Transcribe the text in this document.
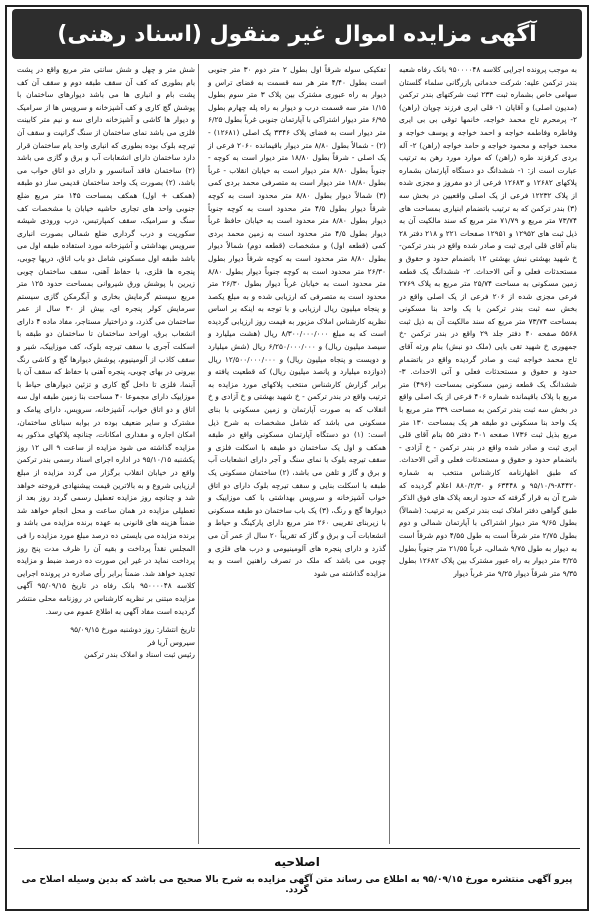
آگهی مزایده اموال غیر منقول (اسناد رهنی)

به موجب پرونده اجرایی کلاسه ۹۵۰۰۰۰۴۸ بانک رفاه شعبه بندر ترکمن علیه: شرکت خدماتی بازرگانی سلماء گلستان سهامی خاص بشماره ثبت ۲۳۳ ثبت شرکتهای بندر ترکمن (مدیون اصلی) و آقایان ۱- قلی ایری فرزند چوپان (راهن) ۲- پرمحرم تاج محمد خواجه، خانمها توقی بی بی ایری وفاطره وفاطمه خواجه و احمد خواجه و یوسف خواجه و محمد خواجه و محمود خواجه و حامد خواجه (راهن) ۲- آله بردی کرقزند طره (راهن) که موارد مورد رهن به ترتیب عبارت است از: ۱- ششدانگ دو دستگاه آپارتمان بشماره پلاکهای ۱۲۶۸۲ و ۱۲۶۸۳ فرعی از دو مفروز و مجزی شده از پلاک ۱۲۲۳۲ فرعی از یک اصلی واقعیین در بخش سه (۳) بندر ترکمن که به ترتیب باتضمام ابنیاری بمساحت های ۷۳/۷۴ متر مربع و ۷۱/۷۹ متر مربع که سند مالکیت آن به ذیل ثبت های ۱۲۹۵۲ و ۱۲۹۵۱ صفحات ۲۲۱ و ۲۱۸ دفتر ۲۸ بنام آقای قلی ایری ثبت و صادر شده واقع در بندر ترکمن-خ شهید بهشتی نبش بهشتی ۱۲ باتضمام حدود و حقوق و مستحدثات فعلی و آتی الاحداث. ۲- ششدانگ یک قطعه زمین مسکونی به مساحت ۲۵/۷۴ متر مربع به پلاک ۲۷۶۹ فرعی مجزی شده از ۲۰۶ فرعی از یک اصلی واقع در بخش سه ثبت بندر ترکمن با یک واحد بنا مسکونی بمساحت ۷۳/۷۴ متر مربع که سند مالکیت آن به ذیل ثبت ۵۵۶۸ صفحه ۴۰ دفتر جلد ۲۹ واقع در بندر ترکمن -خ جمهوری خ شهید تقی بایی (ملک دو نبش) بنام ورثه آقای تاج محمد خواجه ثبت و صادر گردیده واقع در باتضمام حدود و حقوق و مستحدثات فعلی و آتی الاحداث. ۳- ششدانگ یک قطعه زمین مسکونی بمساحت (۴۹۶) متر مربع با پلاک باقیمانده شماره ۴۰۶ فرعی از یک اصلی واقع در بخش سه ثبت بندر ترکمن به مساحت ۳۳۹ متر مربع با یک واحد بنا مسکونی دو طبقه هر یک بمساحت ۱۳۰ متر مربع بذیل ثبت ۱۷۳۶ صفحه ۳۰۱ دفتر ۵۵ بنام آقای قلی ایری ثبت و صادر شده واقع در بندر ترکمن - خ آزادی - باتضمام حدود و حقوق و مستحدثات فعلی و آتی الاحداث. که طبق اظهارنامه کارشناس منتخب به شماره ۸۴۴۲۰-۹۵/۱۰/۹ و ۶۳۴۴۸ و ۸۸۰/۲/۳۰ اعلام گردیده که شرح آن به قرار گرفته که حدود اربعه پلاک های فوق الذکر طبق گواهی دفتر املاک ثبت بندر ترکمن به ترتیب: (شمالاً) بطول ۹/۶۵ متر دیوار اشتراکی با آپارتمان شمالی و دوم بطول ۲/۷۵ متر شرقاً است به طول ۴/۵۵ دوم شرقاً است به دیوار به طول ۹/۷۵ شمالی، غرباً ۲۱/۵۵ متر جنوباً بطول ۳/۲۵ متر دیوار به راه عبور مشترک بین پلاک ۱۲۶۸۲ بطول ۹/۳۵ متر شرقاً دیوار ۹/۲۵ متر غرباً دیوار

تفکیکی سوله شرقاً اول بطول ۲ متر دوم ۳۰ متر جنوبی است بطول ۴/۴۰ متر هر سه قسمت به فضای تراس و دیوار به راه عبوری مشترک بین پلاک ۳ متر سوم بطول ۱/۱۵ متر سه قسمت درب و دیوار به راه پله چهارم بطول ۶/۹۵ متر دیوار اشتراکی با آپارتمان جنوبی غرباً بطول ۶/۲۵ متر دیوار است به فضای پلاک ۳۳۴۶ یک اصلی (۱۲۶۸۱) - (۲) - شمالاً بطول ۸/۸۰ متر دیوار باقیمانده ۲۰۶۰ فرعی از یک اصلی - شرقاً بطول ۱۸/۸۰ متر دیوار است به کوچه - جنوباً بطول ۸/۸۰ متر دیوار است به خیابان انقلاب - غرباً بطول ۱۸/۸۰ متر دیوار است به متصرفی محمد بردی کمی (۳) شمالاً دیوار بطول ۸/۸۰ متر محدود است به کوچه شرقاً دیوار بطول ۴/۵ متر محدود است به کوچه جنوباً دیوار بطول ۸/۸۰ متر محدود است به خیابان حافظ غرباً دیوار بطول ۴/۵ متر محدود است به زمین محمد بردی کمی (قطعه اول) و مشخصات (قطعه دوم) شمالاً دیوار بطول ۸/۸۰ متر محدود است به کوچه شرقاً دیوار بطول ۲۶/۳۰ متر محدود است به کوچه جنوباً دیوار بطول ۸/۸۰ متر محدود است به خیابان غرباً دیوار بطول ۲۶/۳۰ متر محدود است به متصرفی که ارزیابی شده و به مبلغ یکصد و پنجاه میلیون ریال ارزیابی و با توجه به اینکه بر اساس نظریه کارشناس املاک مزبور به قیمت روز ارزیابی گردیده است که به مبلغ ۸/۳۰۰/۰۰۰/۰۰۰ ریال (هشت میلیارد و سیصد میلیون ریال) و ۶/۲۵۰/۰۰۰/۰۰۰ ریال (شش میلیارد و دویست و پنجاه میلیون ریال) و ۱۲/۵۰۰/۰۰۰/۰۰۰ ریال (دوازده میلیارد و پانصد میلیون ریال) که قطعیت یافته و برابر گزارش کارشناس منتخب پلاکهای مورد مزایده به ترتیب واقع در بندر ترکمن - خ شهید بهشتی و خ آزادی و خ انقلاب که به صورت آپارتمان و زمین مسکونی با بنای مسکونی می باشد که شامل مشخصات به شرح ذیل است: (۱) دو دستگاه آپارتمان مسکونی واقع در طبقه همکف و اول یک ساختمان دو طبقه با اسکلت فلزی و سقف تیرچه بلوک با نمای سنگ و آجر دارای انشعابات آب و برق و گاز و تلفن می باشد، (۲) ساختمان مسکونی یک طبقه با اسکلت بنایی و سقف تیرچه بلوک دارای دو اتاق خواب آشپزخانه و سرویس بهداشتی با کف موزاییک و دیوارها گچ و رنگ، (۳) یک باب ساختمان دو طبقه مسکونی با زیربنای تقریبی ۲۶۰ متر مربع دارای پارکینگ و حیاط و انشعابات آب و برق و گاز که تقریباً ۲۰ سال از عمر آن می گذرد و دارای پنجره های آلومینیومی و درب های فلزی و چوبی می باشد که ملک در تصرف راهنین است و به مزایده گذاشته می شود

شش متر و چهل و شش سانتی متر مربع واقع در پشت بام بطوری که کف آن سقف طبقه دوم و سقف آن کف پشت بام و انباری ها می باشد دیوارهای ساختمان با پوشش گچ کاری و کف آشپزخانه و سرویس ها از سرامیک و دیوار ها کاشی و آشپزخانه دارای سه و نیم متر کابینت فلزی می باشد نمای ساختمان از سنگ گرانیت و سقف آن تیرچه بلوک بوده بطوری که انباری واحد یام ساختمان قرار دارد ساختمان دارای انشعابات آب و برق و گازی می باشد (۲) ساختمان فاقد آسانسور و دارای دو اتاق خواب می باشد، (۲) بصورت یک واحد ساختمان قدیمی ساز دو طبقه (همکف + اول) همکف بمساحت ۱۴۵ متر مربع ضلع جنوبی واحد های تجاری حاشیه خیابان با مشخصات کف سنگ و سرامیک، سقف کمپارتبس، درب ورودی شیشه سکوریت و درب گرداری ضلع شمالی بصورت انباری سرویس بهداشتی و آشپزخانه مورد استفاده طبقه اول می باشد طبقه اول مسکونی شامل دو باب اتاق، دریها چوبی، پنجره ها فلزی، با حفاظ آهنی، سقف ساختمان چوبی زیرین با پوشش ورق شیروانی بمساحت حدود ۱۲۵ متر مربع سیستم گرمایش بخاری و آبگرمکن گازی سیستم سرمایش کولر پنجره ای، بیش از ۳۰ سال از عمر ساختمان می گذرد، و دراختیار مستاجر، مفاد ماده ۴ دارای انشعاب برق، اوراحد ساختمان تا ساختمان دو طبقه با اسکلت آجری با سقف تیرچه بلوک، کف موزاییک، شیر و سقف کاذب از آلومینیوم، پوشش دیوارها گچ و کاشی رنگ بیرونی در بهای چوبی، پنجره آهنی با حفاظ که سقف آن با آبنما، فلزی تا داخل گچ کاری و تزئین دیوارهای حیاط با موزاییک دارای مجموعا ۴۰ مساحت بنا زمین طبقه اول سه اتاق و دو اتاق خواب، آشپزخانه، سرویس، دارای پیامک و مشترک و سایر ضعیف بوده در بوابه سبانای ساختمان، امکان اجاره و مقداری امکانات، چنانچه پلاکهای مذکور به مزایده گذاشته می شود مزایده از ساعت ۹ الی ۱۲ روز یکشنبه ۹۵/۱۰/۱۵ در اداره اجرای اسناد رسمی بندر ترکمن واقع در خیابان انقلاب برگزار می گردد مزایده از مبلغ ارزیابی شروع و به بالاترین قیمت پیشنهادی فروخته خواهد شد و چنانچه روز مزایده تعطیل رسمی گردد روز بعد از تعطیلی مزایده در همان ساعت و محل انجام خواهد شد ضمناً هزینه های قانونی به عهده برنده مزایده می باشد و برنده مزایده می بایستی ده درصد مبلغ مورد مزایده را فی المجلس نقداً پرداخت و بقیه آن را ظرف مدت پنج روز پرداخت نماید در غیر این صورت ده درصد ضبط و مزایده تجدید خواهد شد. ضمناً برابر رأی صادره در پرونده اجرایی کلاسه ۹۵۰۰۰۰۴۸ بانک رفاه در تاریخ ۹۵/۰۹/۱۵ آگهی مزایده مبتنی بر نظریه کارشناس در روزنامه محلی منتشر گردیده است مفاد آگهی به اطلاع عموم می رسد.

تاریخ انتشار: روز دوشنبه مورخ ۹۵/۰۹/۱۵
سیروس آریا فر
رئیس ثبت اسناد و املاک بندر ترکمن
اصلاحیه
پیرو آگهی منتشره مورخ ۹۵/۰۹/۱۵ به اطلاع می رساند متن آگهی مزایده به شرح بالا صحیح می باشد که بدین وسیله اصلاح می گردد.
